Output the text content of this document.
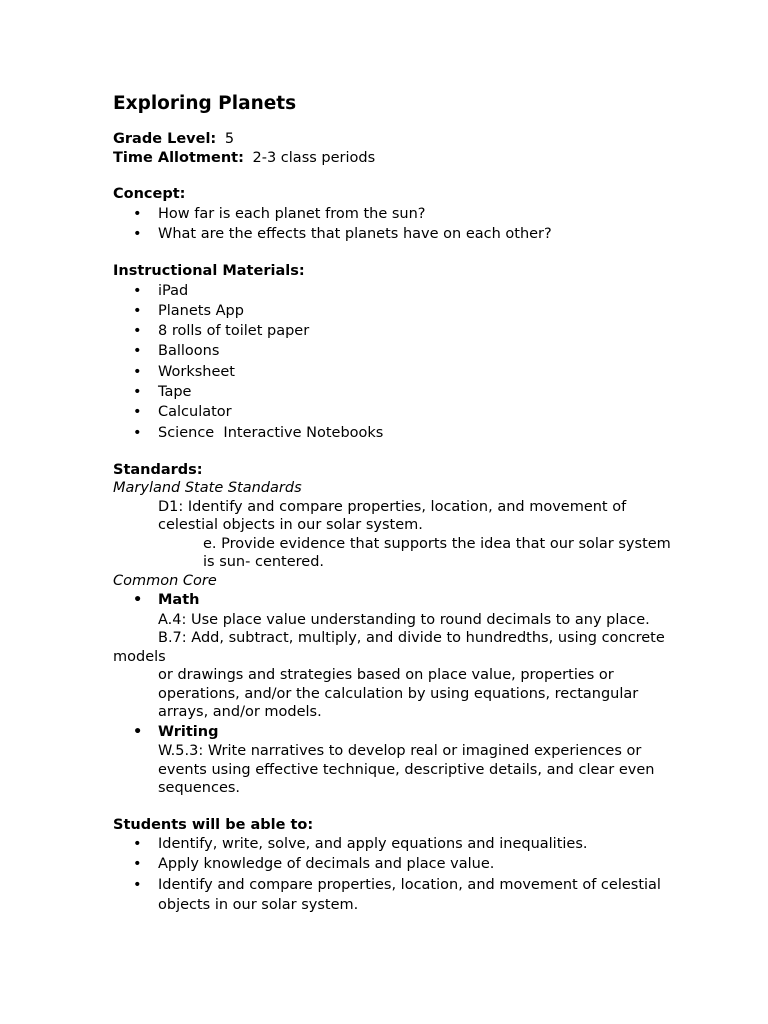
Exploring Planets
Grade Level: 5
Time Allotment: 2-3 class periods
Concept:
• How far is each planet from the sun?
• What are the effects that planets have on each other?
Instructional Materials:
• iPad
• Planets App
• 8 rolls of toilet paper
• Balloons
• Worksheet
• Tape
• Calculator
• Science  Interactive Notebooks
Standards:
Maryland State Standards
D1: Identify and compare properties, location, and movement of celestial objects in our solar system.
e. Provide evidence that supports the idea that our solar system is sun- centered.
Common Core
• Math
A.4: Use place value understanding to round decimals to any place.
B.7: Add, subtract, multiply, and divide to hundredths, using concrete models
or drawings and strategies based on place value, properties or operations, and/or the calculation by using equations, rectangular arrays, and/or models.
• Writing
W.5.3: Write narratives to develop real or imagined experiences or events using effective technique, descriptive details, and clear even sequences.
Students will be able to:
• Identify, write, solve, and apply equations and inequalities.
• Apply knowledge of decimals and place value.
• Identify and compare properties, location, and movement of celestial objects in our solar system.
